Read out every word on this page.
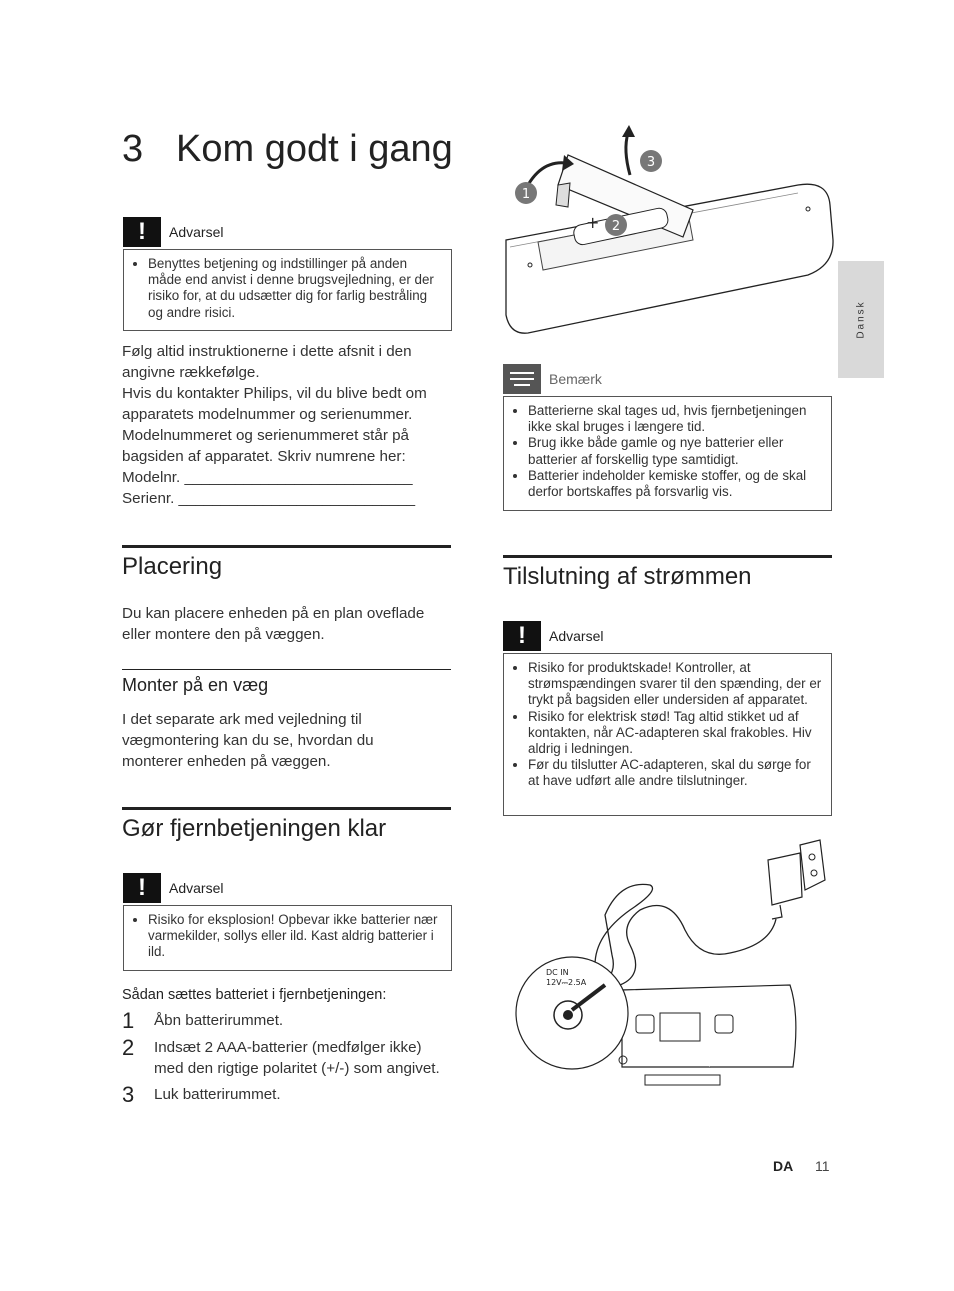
3 Kom godt i gang
!	Advarsel
• Benyttes betjening og indstillinger på anden måde end anvist i denne brugsvejledning, er der risiko for, at du udsætter dig for farlig bestråling og andre risici.
Følg altid instruktionerne i dette afsnit i den
angivne rækkefølge.
Hvis du kontakter Philips, vil du blive bedt om
apparatets modelnummer og serienummer.
Modelnummeret og serienummeret står på
bagsiden af apparatet. Skriv numrene her:
Modelnr. ___________________________
Serienr. ____________________________
Placering
Du kan placere enheden på en plan oveflade
eller montere den på væggen.
Monter på en væg
I det separate ark med vejledning til
vægmontering kan du se, hvordan du
monterer enheden på væggen.
Gør fjernbetjeningen klar
!	Advarsel
• Risiko for eksplosion! Opbevar ikke batterier nær varmekilder, sollys eller ild. Kast aldrig batterier i ild.
Sådan sættes batteriet i fjernbetjeningen:
1	Åbn batterirummet.
2	Indsæt 2 AAA-batterier (medfølger ikke) med den rigtige polaritet (+/-) som angivet.
3	Luk batterirummet.
+
1
2
3
Bemærk
• Batterierne skal tages ud, hvis fjernbetjeningen ikke skal bruges i længere tid.
• Brug ikke både gamle og nye batterier eller batterier af forskellig type samtidigt.
• Batterier indeholder kemiske stoffer, og de skal derfor bortskaffes på forsvarlig vis.
Tilslutning af strømmen
!	Advarsel
• Risiko for produktskade! Kontroller, at strømspændingen svarer til den spænding, der er trykt på bagsiden eller undersiden af apparatet.
• Risiko for elektrisk stød! Tag altid stikket ud af kontakten, når AC-adapteren skal frakobles. Hiv aldrig i ledningen.
• Før du tilslutter AC-adapteren, skal du sørge for at have udført alle andre tilslutninger.
DC IN
12V⎓2.5A
Dansk
DA 11
